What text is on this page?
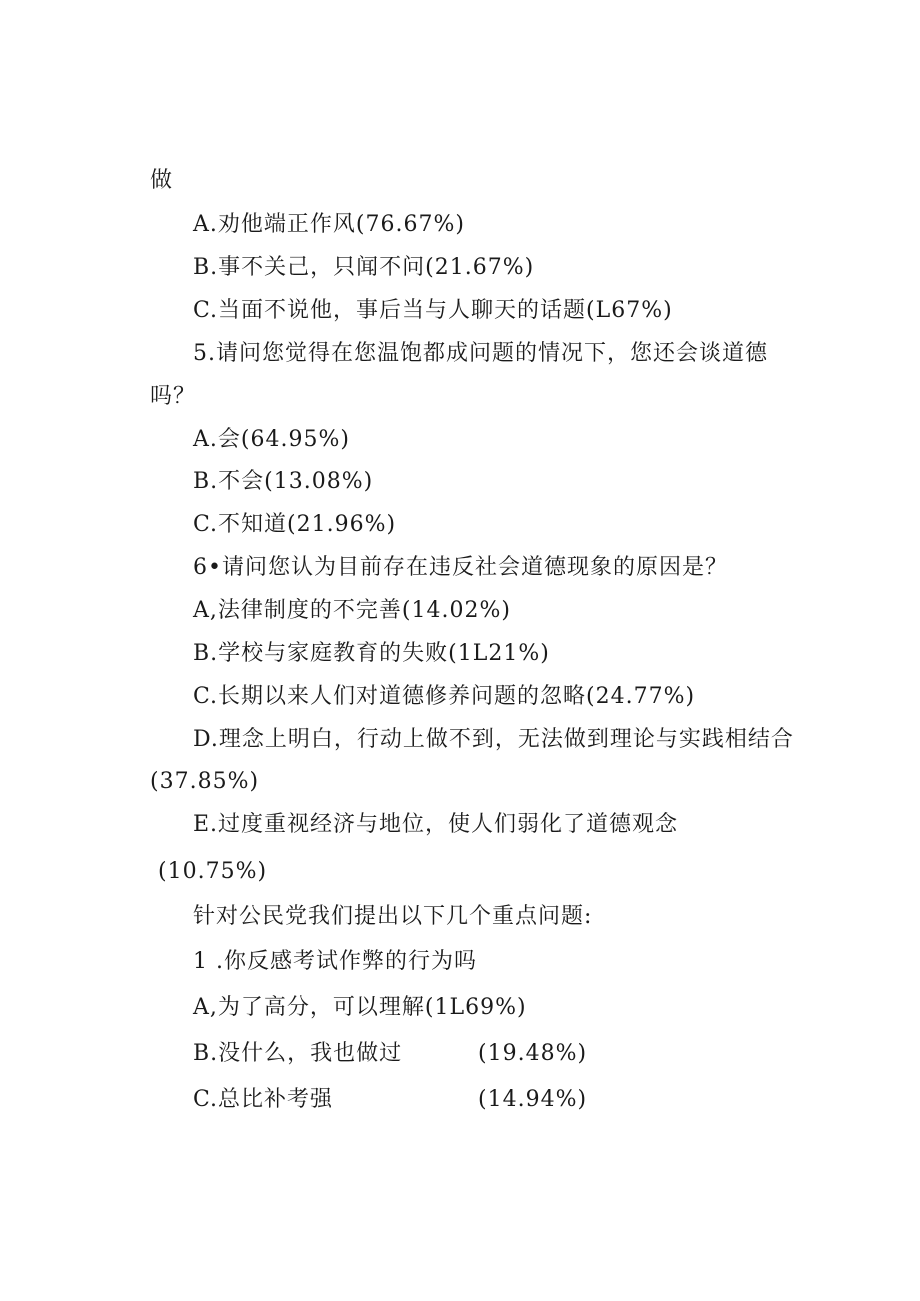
做
A.劝他端正作风(76.67%)
B.事不关己，只闻不问(21.67%)
C.当面不说他，事后当与人聊天的话题(L67%)
5.请问您觉得在您温饱都成问题的情况下，您还会谈道德
吗？
A.会(64.95%)
B.不会(13.08%)
C.不知道(21.96%)
6•请问您认为目前存在违反社会道德现象的原因是？
A,法律制度的不完善(14.02%)
B.学校与家庭教育的失败(1L21%)
C.长期以来人们对道德修养问题的忽略(24.77%)
D.理念上明白，行动上做不到，无法做到理论与实践相结合
(37.85%)
E.过度重视经济与地位，使人们弱化了道德观念
(10.75%)
针对公民党我们提出以下几个重点问题:
1 .你反感考试作弊的行为吗
A,为了高分，可以理解(1L69%)
B.没什么，我也做过	(19.48%)
C.总比补考强	(14.94%)
